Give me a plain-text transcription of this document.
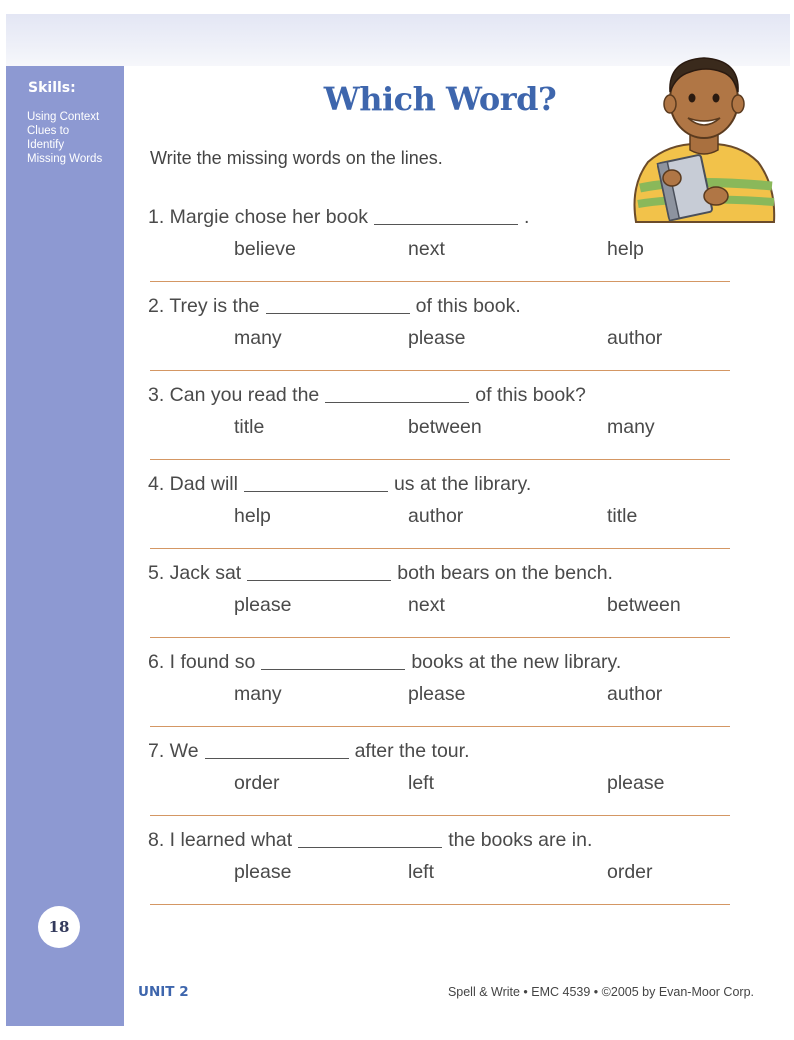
Skills:
Using Context
Clues to
Identify
Missing Words
18
Which Word?
Write the missing words on the lines.
1. Margie chose her book	.
believe	next	help
2. Trey is the	of this book.
many	please	author
3. Can you read the	of this book?
title	between	many
4. Dad will	us at the library.
help	author	title
5. Jack sat	both bears on the bench.
please	next	between
6. I found so	books at the new library.
many	please	author
7. We	after the tour.
order	left	please
8. I learned what	the books are in.
please	left	order
UNIT 2	Spell & Write • EMC 4539 • ©2005 by Evan-Moor Corp.
